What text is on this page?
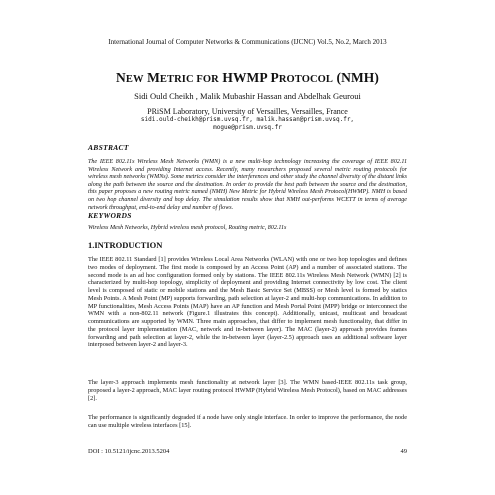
International Journal of Computer Networks & Communications (IJCNC) Vol.5, No.2, March 2013
NEW METRIC FOR HWMP PROTOCOL (NMH)
Sidi Ould Cheikh , Malik Mubashir Hassan and Abdelhak Geuroui
PRiSM Laboratory, University of Versailles, Versailles, France
sidi.ould-cheikh@prism.uvsq.fr, malik.hassan@prism.uvsq.fr,
mogue@prism.uvsq.fr
ABSTRACT
The IEEE 802.11s Wireless Mesh Networks (WMN) is a new multi-hop technology increasing the coverage of IEEE 802.11 Wireless Network and providing Internet access. Recently, many researchers proposed several metric routing protocols for wireless mesh networks (WMNs). Some metrics consider the interferences and other study the channel diversity of the distant links along the path between the source and the destination. In order to provide the best path between the source and the destination, this paper proposes a new routing metric named (NMH) New Metric for Hybrid Wireless Mesh Protocol(HWMP). NMH is based on two hop channel diversity and hop delay. The simulation results show that NMH out-performs WCETT in terms of average network throughput, end-to-end delay and number of flows.
KEYWORDS
Wireless Mesh Networks, Hybrid wireless mesh protocol, Routing metric, 802.11s
1.INTRODUCTION
The IEEE 802.11 Standard [1] provides Wireless Local Area Networks (WLAN) with one or two hop topologies and defines two modes of deployment. The first mode is composed by an Access Point (AP) and a number of associated stations. The second mode is an ad hoc configuration formed only by stations. The IEEE 802.11s Wireless Mesh Network (WMN) [2] is characterized by multi-hop topology, simplicity of deployment and providing Internet connectivity by low cost. The client level is composed of static or mobile stations and the Mesh Basic Service Set (MBSS) or Mesh level is formed by statics Mesh Points. A Mesh Point (MP) supports forwarding, path selection at layer-2 and multi-hop communications. In addition to MP functionalities, Mesh Access Points (MAP) have an AP function and Mesh Portal Point (MPP) bridge or interconnect the WMN with a non-802.11 network (Figure.1 illustrates this concept). Additionally, unicast, multicast and broadcast communications are supported by WMN. Three main approaches, that differ to implement mesh functionality, that differ in the protocol layer implementation (MAC, network and in-between layer). The MAC (layer-2) approach provides frames forwarding and path selection at layer-2, while the in-between layer (layer-2.5) approach uses an additional software layer interposed between layer-2 and layer-3.
The layer-3 approach implements mesh functionality at network layer [3]. The WMN based-IEEE 802.11s task group, proposed a layer-2 approach, MAC layer routing protocol HWMP (Hybrid Wireless Mesh Protocol), based on MAC addresses [2].
The performance is significantly degraded if a node have only single interface. In order to improve the performance, the node can use multiple wireless interfaces [15].
DOI : 10.5121/ijcnc.2013.5204	49
